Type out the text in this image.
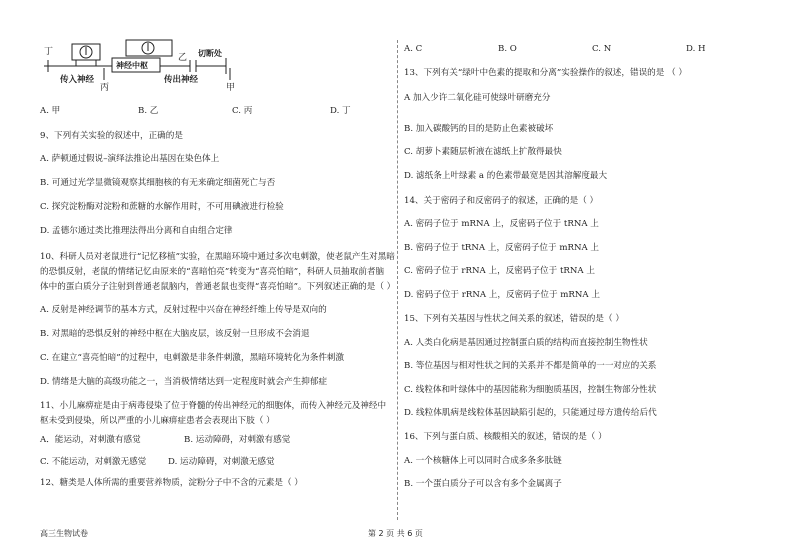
丁
乙
丙	甲
传入神经
神经中枢
传出神经
切断处
A. 甲	B. 乙	C. 丙	D. 丁
9、下列有关实验的叙述中，正确的是
A. 萨顿通过假说–演绎法推论出基因在染色体上
B. 可通过光学显微镜观察其细胞核的有无来确定细菌死亡与否
C. 探究淀粉酶对淀粉和蔗糖的水解作用时，不可用碘液进行检验
D. 孟德尔通过类比推理法得出分离和自由组合定律
10、科研人员对老鼠进行“记忆移植”实验，在黑暗环境中通过多次电刺激，使老鼠产生对黑暗
的恐惧反射，老鼠的情绪记忆由原来的“喜暗怕亮”转变为“喜亮怕暗”，科研人员抽取前者脑
体中的蛋白质分子注射到普通老鼠脑内，普通老鼠也变得“喜亮怕暗”。下列叙述正确的是（ ）
A. 反射是神经调节的基本方式，反射过程中兴奋在神经纤维上传导是双向的
B. 对黑暗的恐惧反射的神经中枢在大脑皮层，该反射一旦形成不会消退
C. 在建立“喜亮怕暗”的过程中，电刺激是非条件刺激，黑暗环境转化为条件刺激
D. 情绪是大脑的高级功能之一，当消极情绪达到一定程度时就会产生抑郁症
11、小儿麻痹症是由于病毒侵染了位于脊髓的传出神经元的细胞体，而传入神经元及神经中
枢未受到侵染，所以严重的小儿麻痹症患者会表现出下肢（ ）
A．能运动，对刺激有感觉	B. 运动障碍，对刺激有感觉
C. 不能运动，对刺激无感觉	D. 运动障碍，对刺激无感觉
12、糖类是人体所需的重要营养物质，淀粉分子中不含的元素是（ ）
A. C	B. O	C. N	D. H
13、下列有关“绿叶中色素的提取和分离”实验操作的叙述，错误的是 （ ）
A 加入少许二氧化硅可使绿叶研磨充分
B. 加入碳酸钙的目的是防止色素被破坏
C. 胡萝卜素随层析液在滤纸上扩散得最快
D. 滤纸条上叶绿素 a 的色素带最宽是因其溶解度最大
14、关于密码子和反密码子的叙述，正确的是（ ）
A. 密码子位于 mRNA 上，反密码子位于 tRNA 上
B. 密码子位于 tRNA 上，反密码子位于 mRNA 上
C. 密码子位于 rRNA 上，反密码子位于 tRNA 上
D. 密码子位于 rRNA 上，反密码子位于 mRNA 上
15、下列有关基因与性状之间关系的叙述，错误的是（ ）
A. 人类白化病是基因通过控制蛋白质的结构而直接控制生物性状
B. 等位基因与相对性状之间的关系并不都是简单的一一对应的关系
C. 线粒体和叶绿体中的基因能称为细胞质基因，控制生物部分性状
D. 线粒体肌病是线粒体基因缺陷引起的，只能通过母方遗传给后代
16、下列与蛋白质、核酸相关的叙述，错误的是（ ）
A. 一个核糖体上可以同时合成多条多肽链
B. 一个蛋白质分子可以含有多个金属离子
高三生物试卷	第 2 页 共 6 页
